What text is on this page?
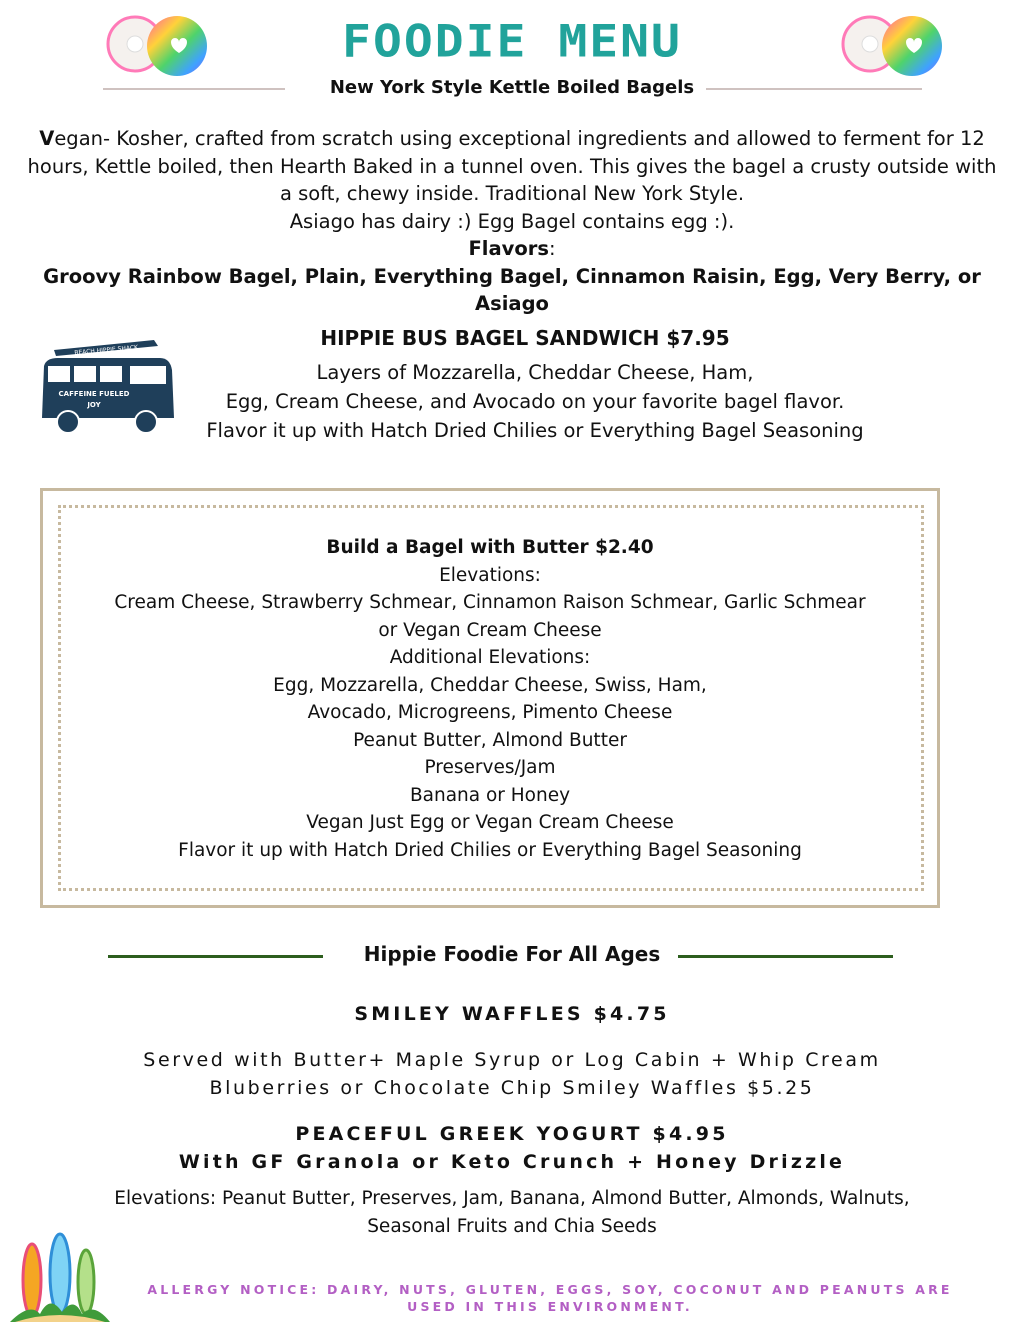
FOODIE MENU
New York Style Kettle Boiled Bagels
Vegan- Kosher, crafted from scratch using exceptional ingredients and allowed to ferment for 12
hours, Kettle boiled, then Hearth Baked in a tunnel oven. This gives the bagel a crusty outside with
a soft, chewy inside. Traditional New York Style.
Asiago has dairy :) Egg Bagel contains egg :).
Flavors:
Groovy Rainbow Bagel, Plain, Everything Bagel, Cinnamon Raisin, Egg, Very Berry, or Asiago
BEACH HIPPIE SHACK
CAFFEINE FUELED
JOY
HIPPIE BUS BAGEL SANDWICH $7.95
Layers of Mozzarella, Cheddar Cheese, Ham,
Egg, Cream Cheese, and Avocado on your favorite bagel flavor.
Flavor it up with Hatch Dried Chilies or Everything Bagel Seasoning
Build a Bagel with Butter $2.40
Elevations:
Cream Cheese, Strawberry Schmear, Cinnamon Raison Schmear, Garlic Schmear
or Vegan Cream Cheese
Additional Elevations:
Egg, Mozzarella, Cheddar Cheese, Swiss, Ham,
Avocado, Microgreens, Pimento Cheese
Peanut Butter, Almond Butter
Preserves/Jam
Banana or Honey
Vegan Just Egg or Vegan Cream Cheese
Flavor it up with Hatch Dried Chilies or Everything Bagel Seasoning
Hippie Foodie For All Ages
SMILEY WAFFLES $4.75
Served with Butter+ Maple Syrup or Log Cabin + Whip Cream
Bluberries or Chocolate Chip Smiley Waffles $5.25
PEACEFUL GREEK YOGURT $4.95
With GF Granola or Keto Crunch + Honey Drizzle
Elevations: Peanut Butter, Preserves, Jam, Banana, Almond Butter, Almonds, Walnuts,
Seasonal Fruits and Chia Seeds
ALLERGY NOTICE: DAIRY, NUTS, GLUTEN, EGGS, SOY, COCONUT AND PEANUTS ARE
USED IN THIS ENVIRONMENT.
